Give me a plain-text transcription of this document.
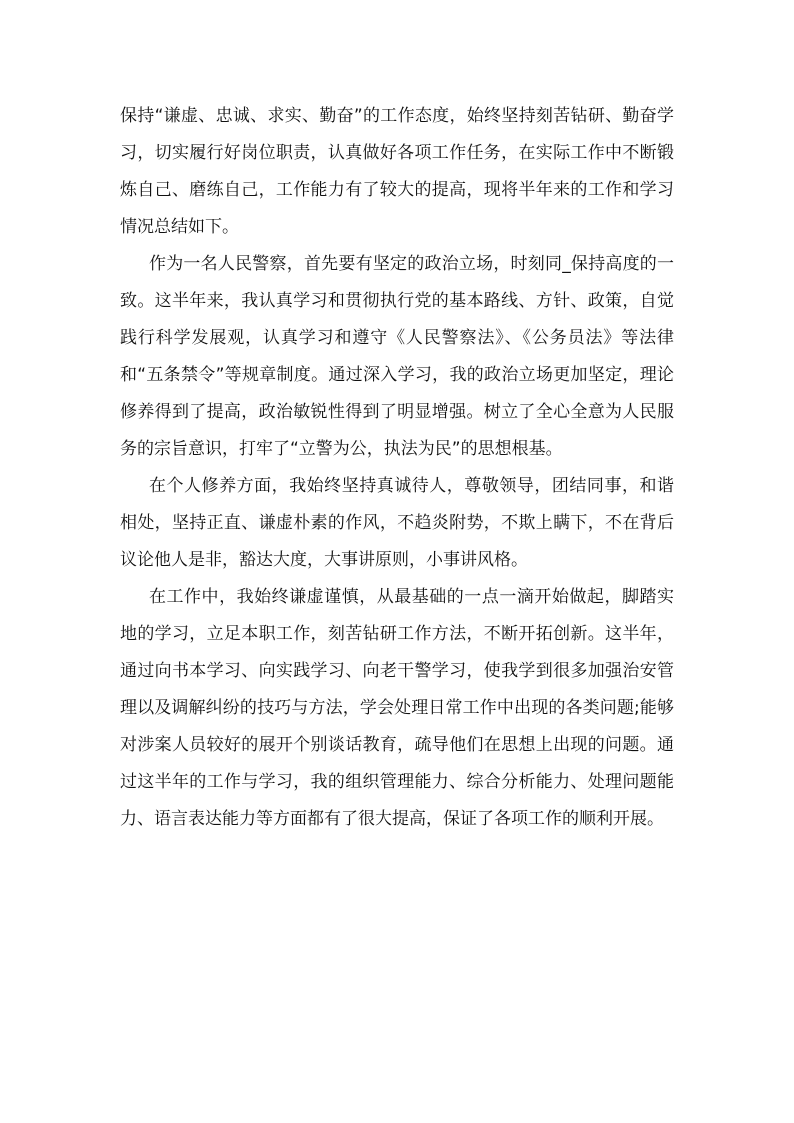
保持“谦虚、忠诚、求实、勤奋”的工作态度，始终坚持刻苦钻研、勤奋学习，切实履行好岗位职责，认真做好各项工作任务，在实际工作中不断锻炼自己、磨练自己，工作能力有了较大的提高，现将半年来的工作和学习情况总结如下。

作为一名人民警察，首先要有坚定的政治立场，时刻同_保持高度的一致。这半年来，我认真学习和贯彻执行党的基本路线、方针、政策，自觉践行科学发展观，认真学习和遵守《人民警察法》、《公务员法》等法律和“五条禁令”等规章制度。通过深入学习，我的政治立场更加坚定，理论修养得到了提高，政治敏锐性得到了明显增强。树立了全心全意为人民服务的宗旨意识，打牢了“立警为公，执法为民”的思想根基。

在个人修养方面，我始终坚持真诚待人，尊敬领导，团结同事，和谐相处，坚持正直、谦虚朴素的作风，不趋炎附势，不欺上瞒下，不在背后议论他人是非，豁达大度，大事讲原则，小事讲风格。

在工作中，我始终谦虚谨慎，从最基础的一点一滴开始做起，脚踏实地的学习，立足本职工作，刻苦钻研工作方法，不断开拓创新。这半年，通过向书本学习、向实践学习、向老干警学习，使我学到很多加强治安管理以及调解纠纷的技巧与方法，学会处理日常工作中出现的各类问题;能够对涉案人员较好的展开个别谈话教育，疏导他们在思想上出现的问题。通过这半年的工作与学习，我的组织管理能力、综合分析能力、处理问题能力、语言表达能力等方面都有了很大提高，保证了各项工作的顺利开展。
